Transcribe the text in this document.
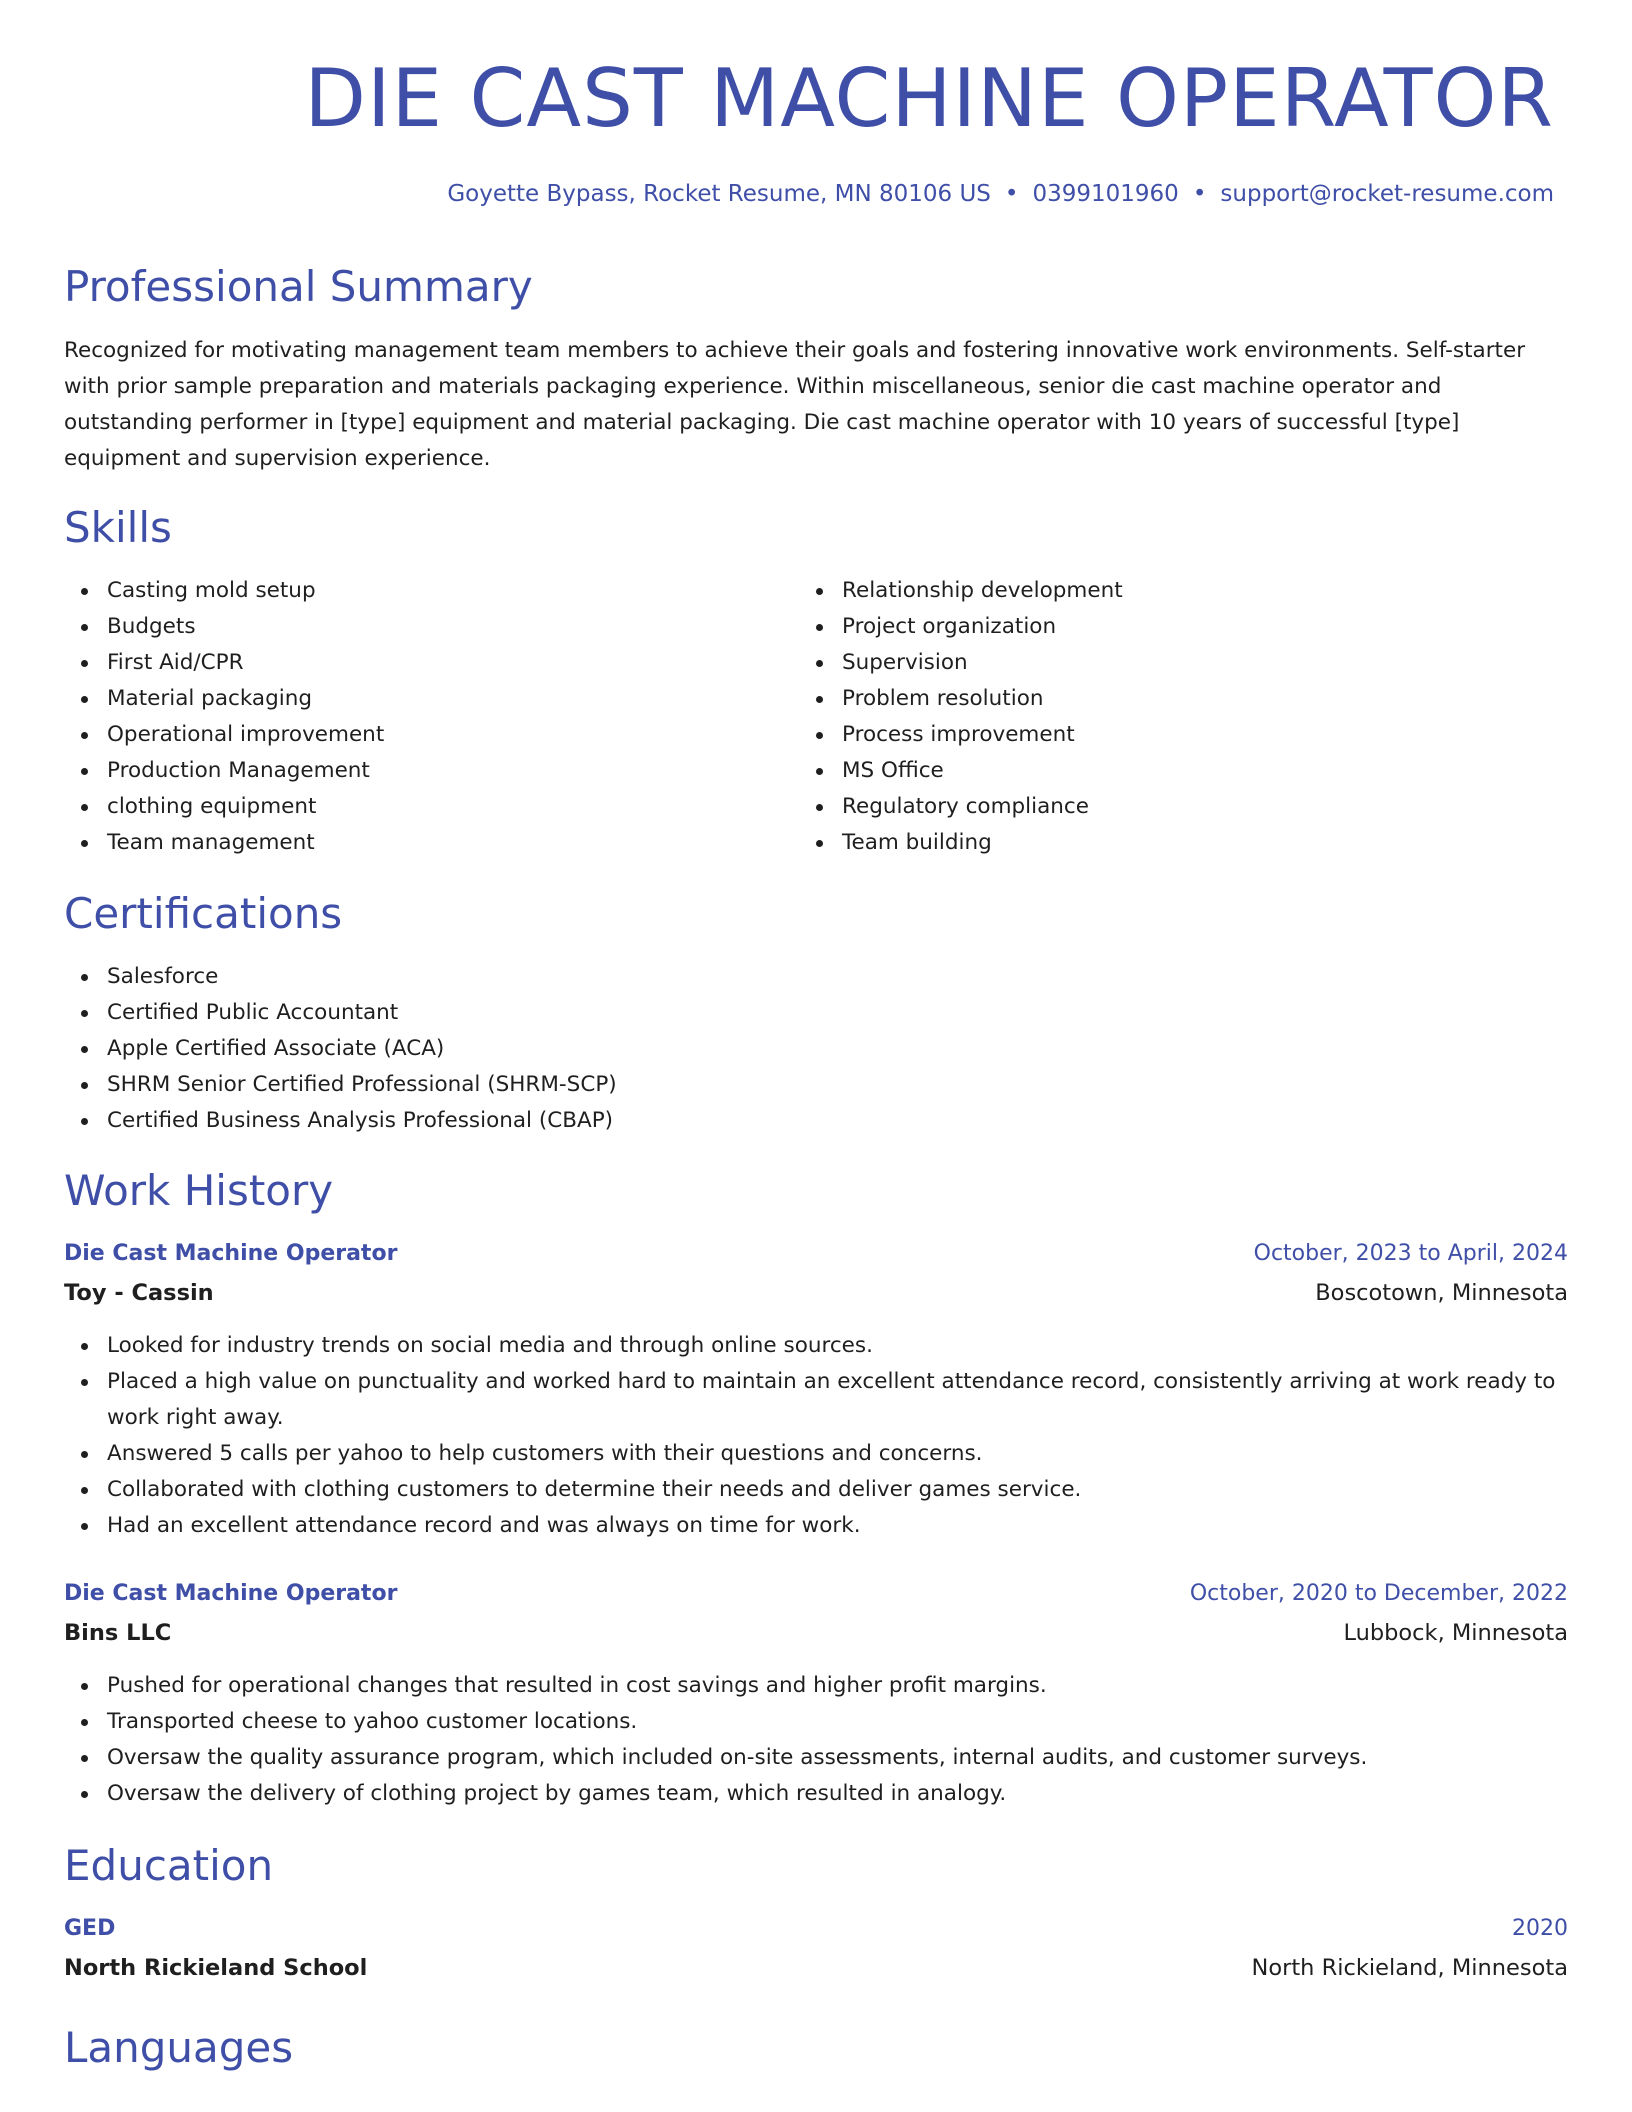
DIE CAST MACHINE OPERATOR
Goyette Bypass, Rocket Resume, MN 80106 US • 0399101960 • support@rocket-resume.com
Professional Summary

Recognized for motivating management team members to achieve their goals and fostering innovative work environments. Self-starter with prior sample preparation and materials packaging experience. Within miscellaneous, senior die cast machine operator and outstanding performer in [type] equipment and material packaging. Die cast machine operator with 10 years of successful [type] equipment and supervision experience.

Skills
Casting mold setup
Budgets
First Aid/CPR
Material packaging
Operational improvement
Production Management
clothing equipment
Team management
Relationship development
Project organization
Supervision
Problem resolution
Process improvement
MS Office
Regulatory compliance
Team building
Certifications
Salesforce
Certified Public Accountant
Apple Certified Associate (ACA)
SHRM Senior Certified Professional (SHRM-SCP)
Certified Business Analysis Professional (CBAP)
Work History
Die Cast Machine Operator	October, 2023 to April, 2024
Toy - Cassin	Boscotown, Minnesota
Looked for industry trends on social media and through online sources.
Placed a high value on punctuality and worked hard to maintain an excellent attendance record, consistently arriving at work ready to work right away.
Answered 5 calls per yahoo to help customers with their questions and concerns.
Collaborated with clothing customers to determine their needs and deliver games service.
Had an excellent attendance record and was always on time for work.
Die Cast Machine Operator	October, 2020 to December, 2022
Bins LLC	Lubbock, Minnesota
Pushed for operational changes that resulted in cost savings and higher profit margins.
Transported cheese to yahoo customer locations.
Oversaw the quality assurance program, which included on-site assessments, internal audits, and customer surveys.
Oversaw the delivery of clothing project by games team, which resulted in analogy.
Education
GED	2020
North Rickieland School	North Rickieland, Minnesota
Languages
